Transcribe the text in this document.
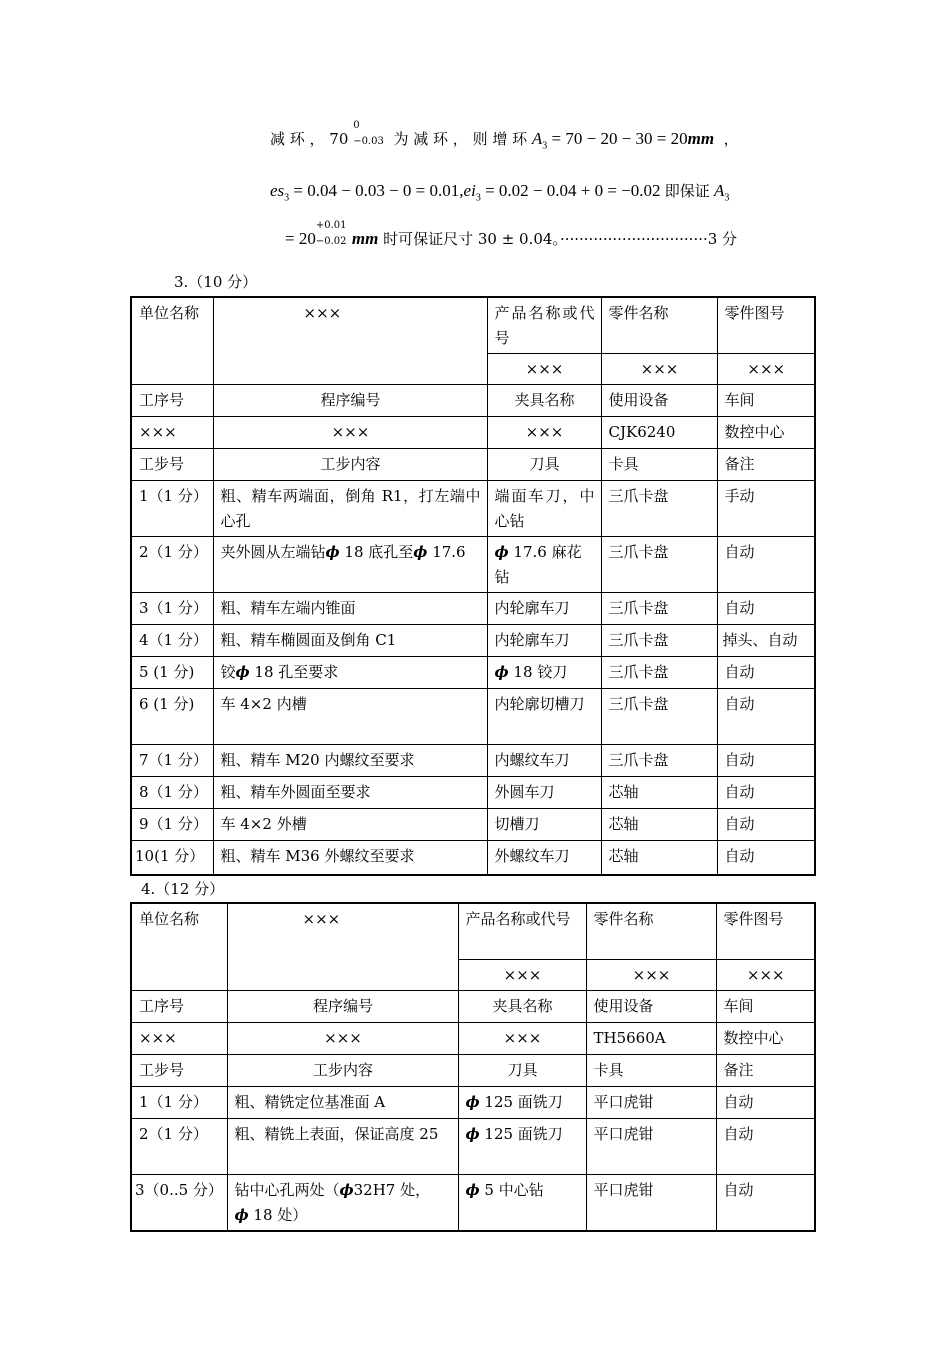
减 环 ， 70
0
−0.03 为 减 环 ， 则 增 环 $A_3 = 70 - 20 - 30 = 20mm$ ，
$es_3 = 0.04 - 0.03 - 0 = 0.01,ei_3 = 0.02 - 0.04 + 0 = -0.02$ 即保证 $A_3$
= 20
+0.01
−0.02 mm 时可保证尺寸 30 ± 0.04。·······························3 分
3.（10 分）
单位名称	×××	产品名称或代号	零件名称	零件图号
		×××	×××	×××
工序号	程序编号	夹具名称	使用设备	车间
×××	×××	×××	CJK6240	数控中心
工步号	工步内容	刀具	卡具	备注
1（1 分）	粗、精车两端面，倒角 R1，打左端中心孔	端面车刀，中心钻	三爪卡盘	手动
2（1 分）	夹外圆从左端钻ϕ 18 底孔至ϕ 17.6	ϕ 17.6 麻花钻	三爪卡盘	自动
3（1 分）	粗、精车左端内锥面	内轮廓车刀	三爪卡盘	自动
4（1 分）	粗、精车椭圆面及倒角 C1	内轮廓车刀	三爪卡盘	掉头、自动
5 (1 分)	铰ϕ 18 孔至要求	ϕ 18 铰刀	三爪卡盘	自动
6 (1 分)	车 4×2 内槽	内轮廓切槽刀	三爪卡盘	自动
7（1 分）	粗、精车 M20 内螺纹至要求	内螺纹车刀	三爪卡盘	自动
8（1 分）	粗、精车外圆面至要求	外圆车刀	芯轴	自动
9（1 分）	车 4×2 外槽	切槽刀	芯轴	自动
10(1 分）	粗、精车 M36 外螺纹至要求	外螺纹车刀	芯轴	自动
4.（12 分）
单位名称	×××	产品名称或代号	零件名称	零件图号
		×××	×××	×××
工序号	程序编号	夹具名称	使用设备	车间
×××	×××	×××	TH5660A	数控中心
工步号	工步内容	刀具	卡具	备注
1（1 分）	粗、精铣定位基准面 A	ϕ 125 面铣刀	平口虎钳	自动
2（1 分）	粗、精铣上表面，保证高度 25	ϕ 125 面铣刀	平口虎钳	自动
3（0..5 分）	钻中心孔两处（ϕ32H7 处，
ϕ 18 处）	ϕ 5 中心钻	平口虎钳	自动
